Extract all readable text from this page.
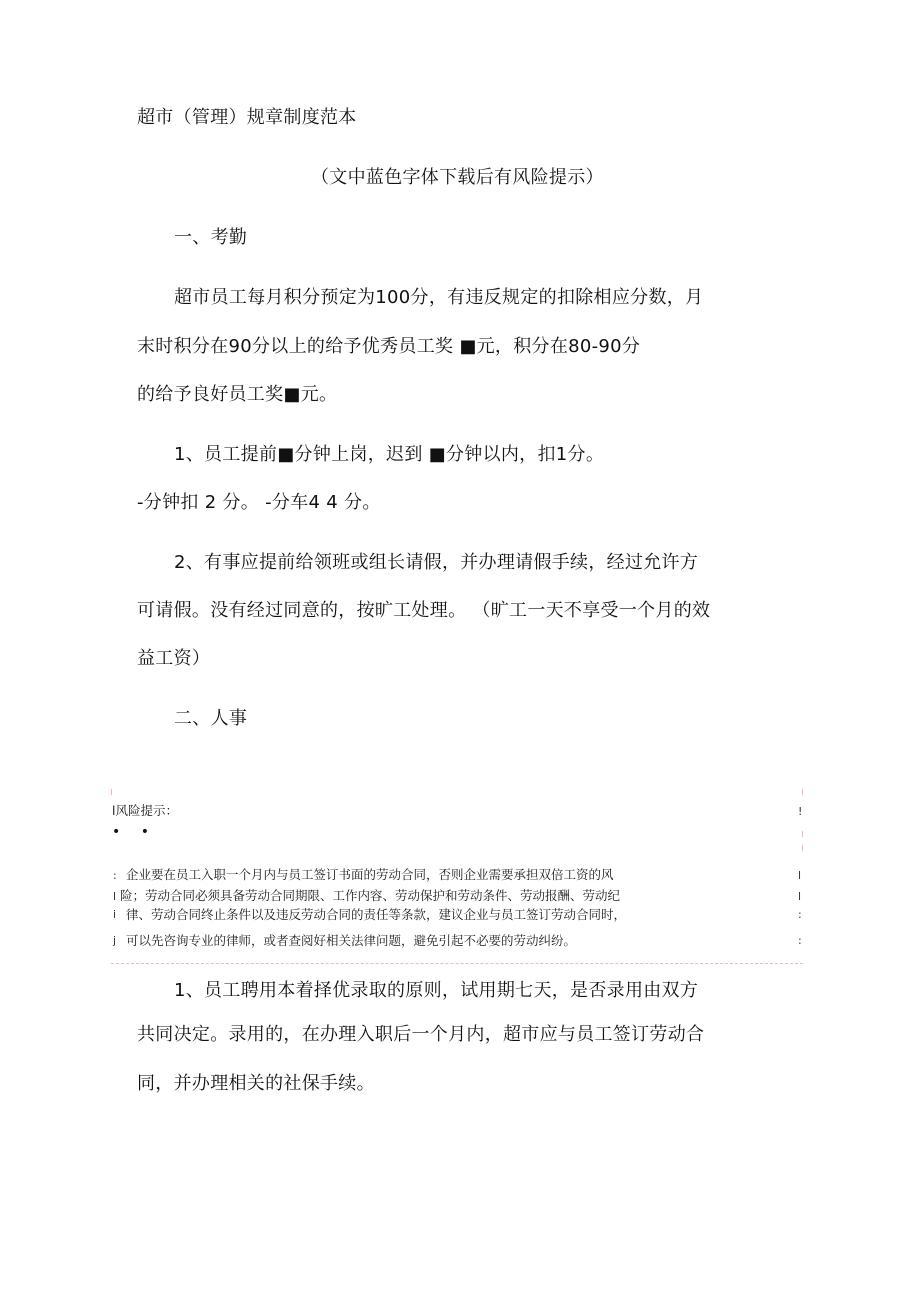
超市（管理）规章制度范本
（文中蓝色字体下载后有风险提示）
一、考勤
超市员工每月积分预定为100分，有违反规定的扣除相应分数，月
末时积分在90分以上的给予优秀员工奖 ■元，积分在80-90分
的给予良好员工奖■元。
1、员工提前■分钟上岗，迟到 ■分钟以内，扣1分。
-分钟扣 2 分。 -分车4 4 分。
2、有事应提前给领班或组长请假，并办理请假手续，经过允许方
可请假。没有经过同意的，按旷工处理。 （旷工一天不享受一个月的效
益工资）
二、人事
l风险提示：
• •
!
:
l
i
j
l
l
:
:
企业要在员工入职一个月内与员工签订书面的劳动合同，否则企业需要承担双倍工资的风
险；劳动合同必须具备劳动合同期限、工作内容、劳动保护和劳动条件、劳动报酬、劳动纪
律、劳动合同终止条件以及违反劳动合同的责任等条款，建议企业与员工签订劳动合同时，
可以先咨询专业的律师，或者查阅好相关法律问题，避免引起不必要的劳动纠纷。
1、员工聘用本着择优录取的原则，试用期七天，是否录用由双方
共同决定。录用的，在办理入职后一个月内，超市应与员工签订劳动合
同，并办理相关的社保手续。
